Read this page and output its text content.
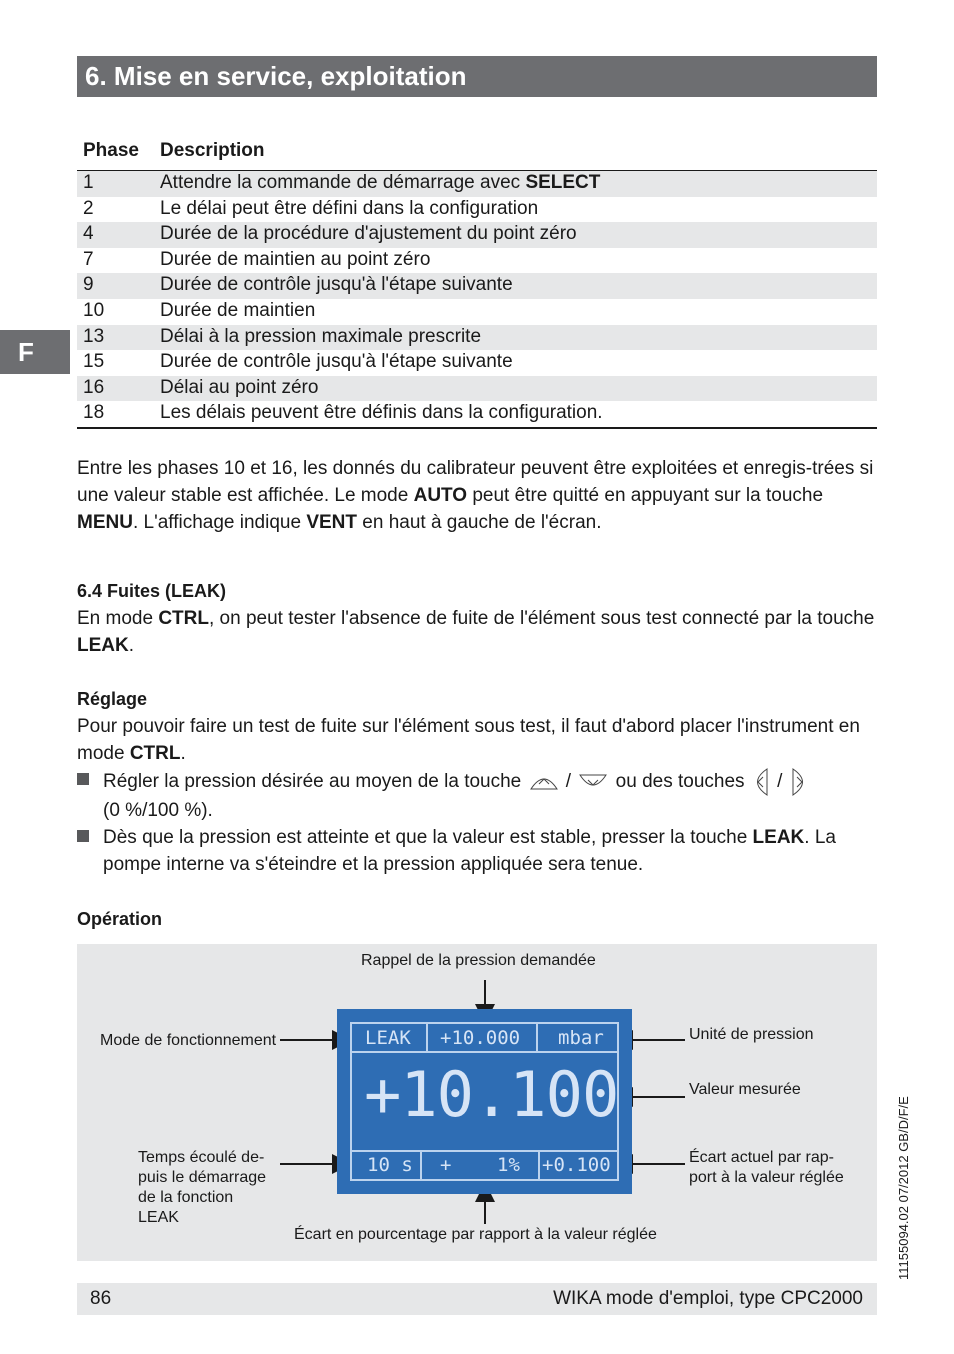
6. Mise en service, exploitation
F
11155094.02 07/2012 GB/D/F/E
Phase Description
1	Attendre la commande de démarrage avec SELECT
2	Le délai peut être défini dans la configuration
4	Durée de la procédure d'ajustement du point zéro
7	Durée de maintien au point zéro
9	Durée de contrôle jusqu'à l'étape suivante
10	Durée de maintien
13	Délai à la pression maximale prescrite
15	Durée de contrôle jusqu'à l'étape suivante
16	Délai au point zéro
18	Les délais peuvent être définis dans la configuration.
Entre les phases 10 et 16, les donnés du calibrateur peuvent être exploitées et enregis-trées si une valeur stable est affichée. Le mode AUTO peut être quitté en appuyant sur la touche MENU. L'affichage indique VENT en haut à gauche de l'écran.
6.4 Fuites (LEAK)
En mode CTRL, on peut tester l'absence de fuite de l'élément sous test connecté par la touche LEAK.
Réglage
Pour pouvoir faire un test de fuite sur l'élément sous test, il faut d'abord placer l'instrument en mode CTRL.
Régler la pression désirée au moyen de la touche  /  ou des touches  /
(0 %/100 %).
Dès que la pression est atteinte et que la valeur est stable, presser la touche LEAK. La pompe interne va s'éteindre et la pression appliquée sera tenue.
Opération
Rappel de la pression demandée
Mode de fonctionnement	Unité de pression
Valeur mesurée
Temps écoulé de-
puis le démarrage
de la fonction
LEAK
Écart actuel par rap-
port à la valeur réglée
Écart en pourcentage par rapport à la valeur réglée
LEAK +10.000 mbar
+10.100
10 s + 1% +0.100
86	WIKA mode d'emploi, type CPC2000
